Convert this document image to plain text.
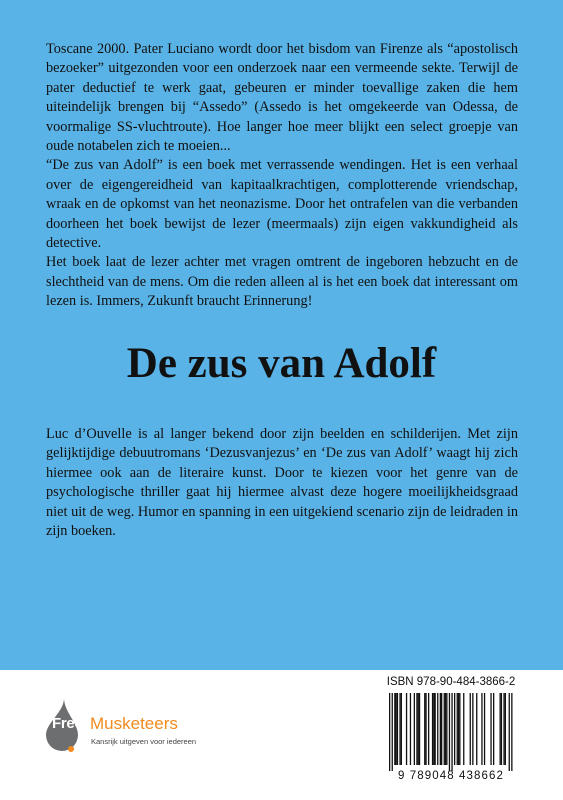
Toscane 2000. Pater Luciano wordt door het bisdom van Firenze als “apostolisch bezoeker” uitgezonden voor een onderzoek naar een vermeende sekte. Terwijl de pater deductief te werk gaat, gebeuren er minder toevallige zaken die hem uiteindelijk brengen bij “Assedo” (Assedo is het omgekeerde van Odessa, de voormalige SS-vluchtroute). Hoe langer hoe meer blijkt een select groepje van oude notabelen zich te moeien...

“De zus van Adolf” is een boek met verrassende wendingen. Het is een verhaal over de eigengereidheid van kapitaalkrachtigen, complotterende vriendschap, wraak en de opkomst van het neonazisme. Door het ontrafelen van die verbanden doorheen het boek bewijst de lezer (meermaals) zijn eigen vakkundigheid als detective.

Het boek laat de lezer achter met vragen omtrent de ingeboren hebzucht en de slechtheid van de mens. Om die reden alleen al is het een boek dat interessant om lezen is. Immers, Zukunft braucht Erinnerung!

De zus van Adolf

Luc d’Ouvelle is al langer bekend door zijn beelden en schilderijen. Met zijn gelijktijdige debuutromans ‘Dezusvanjezus’ en ‘De zus van Adolf’ waagt hij zich hiermee ook aan de literaire kunst. Door te kiezen voor het genre van de psychologische thriller gaat hij hiermee alvast deze hogere moeilijkheidsgraad niet uit de weg. Humor en spanning in een uitgekiend scenario zijn de leidraden in zijn boeken.

Free Musketeers
Kansrijk uitgeven voor iedereen
ISBN 978-90-484-3866-2
9 789048 438662
